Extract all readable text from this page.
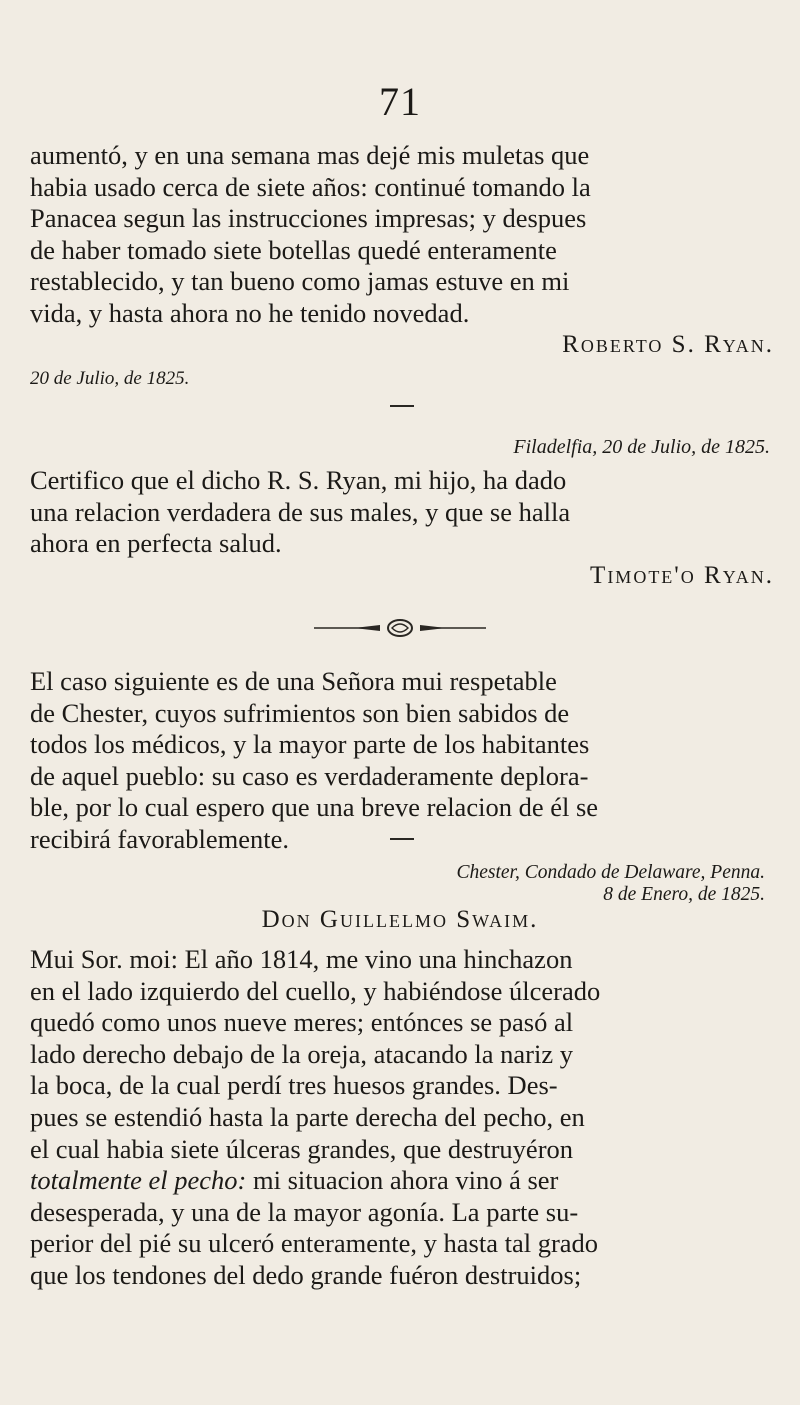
71
aumentó, y en una semana mas dejé mis muletas que
habia usado cerca de siete años: continué tomando la
Panacea segun las instrucciones impresas; y despues
de haber tomado siete botellas quedé enteramente
restablecido, y tan bueno como jamas estuve en mi
vida, y hasta ahora no he tenido novedad.
Roberto S. Ryan.
20 de Julio, de 1825.
Filadelfia, 20 de Julio, de 1825.
Certifico que el dicho R. S. Ryan, mi hijo, ha dado
una relacion verdadera de sus males, y que se halla
ahora en perfecta salud.
Timote'o Ryan.
El caso siguiente es de una Señora mui respetable
de Chester, cuyos sufrimientos son bien sabidos de
todos los médicos, y la mayor parte de los habitantes
de aquel pueblo: su caso es verdaderamente deplora-
ble, por lo cual espero que una breve relacion de él se
recibirá favorablemente.
Chester, Condado de Delaware, Penna.
8 de Enero, de 1825.
Don Guillelmo Swaim.
Mui Sor. moi: El año 1814, me vino una hinchazon
en el lado izquierdo del cuello, y habiéndose úlcerado
quedó como unos nueve meres; entónces se pasó al
lado derecho debajo de la oreja, atacando la nariz y
la boca, de la cual perdí tres huesos grandes. Des-
pues se estendió hasta la parte derecha del pecho, en
el cual habia siete úlceras grandes, que destruyéron
totalmente el pecho: mi situacion ahora vino á ser
desesperada, y una de la mayor agonía. La parte su-
perior del pié su ulceró enteramente, y hasta tal grado
que los tendones del dedo grande fuéron destruidos;
